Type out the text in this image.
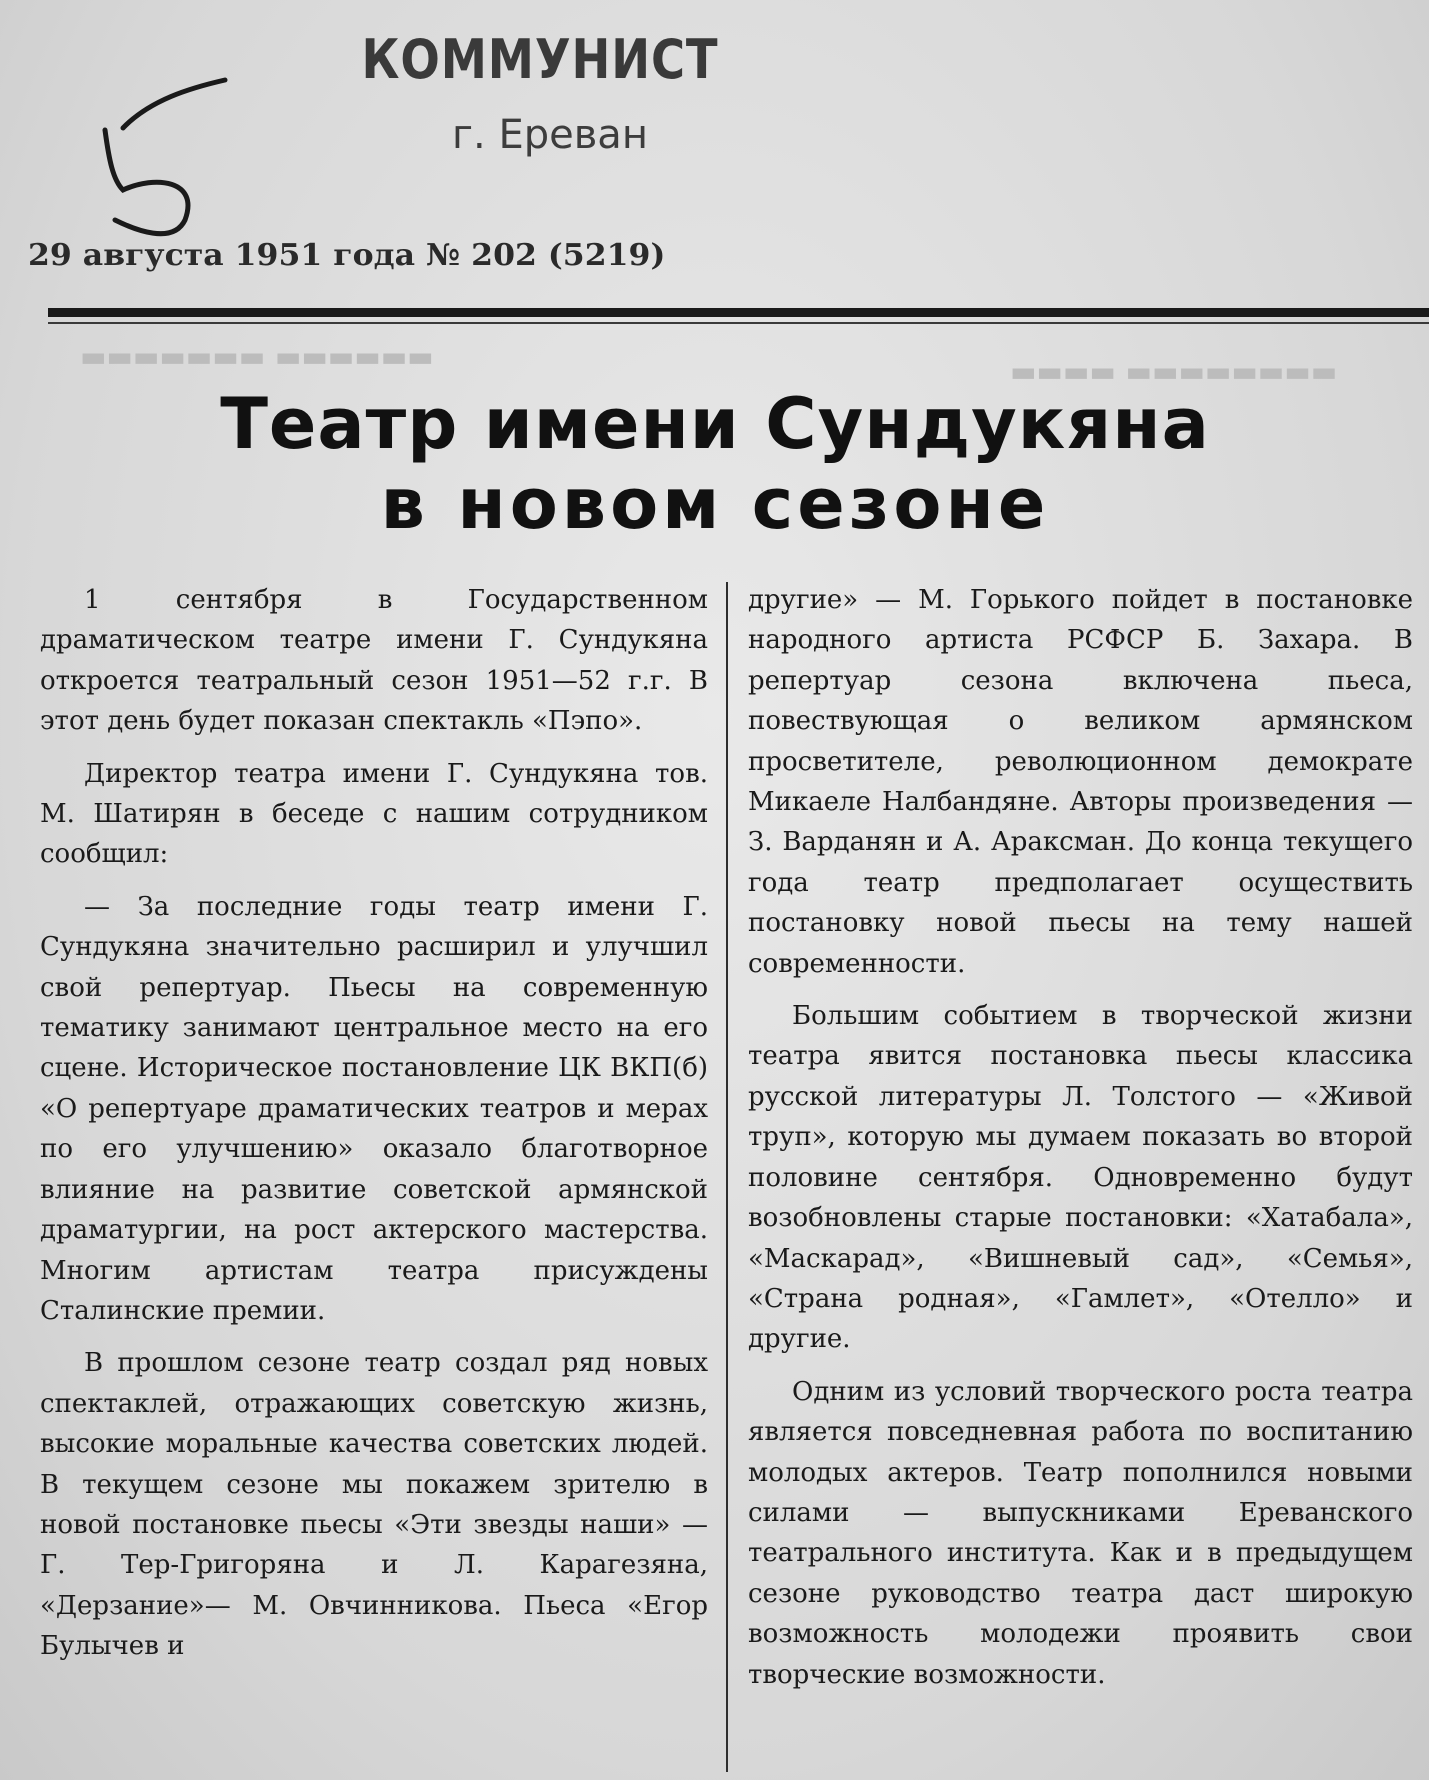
▬▬▬▬▬▬ ▬▬▬▬▬▬▬	▬▬▬▬▬▬▬▬ ▬▬▬▬
КОММУНИСТ
г. Ереван
29 августа 1951 года № 202 (5219)
Театр имени Сундукяна
в новом сезоне

1 сентября в Государственном драматическом театре имени Г. Сундукяна откроется театральный сезон 1951—52 г.г. В этот день будет показан спектакль «Пэпо».

Директор театра имени Г. Сундукяна тов. М. Шатирян в беседе с нашим сотрудником сообщил:

— За последние годы театр имени Г. Сундукяна значительно расширил и улучшил свой репертуар. Пьесы на современную тематику занимают центральное место на его сцене. Историческое постановление ЦК ВКП(б) «О репертуаре драматических театров и мерах по его улучшению» оказало благотворное влияние на развитие советской армянской драматургии, на рост актерского мастерства. Многим артистам театра присуждены Сталинские премии.

В прошлом сезоне театр создал ряд новых спектаклей, отражающих советскую жизнь, высокие моральные качества советских людей. В текущем сезоне мы покажем зрителю в новой постановке пьесы «Эти звезды наши» — Г. Тер-Григоряна и Л. Карагезяна, «Дерзание»— М. Овчинникова. Пьеса «Егор Булычев и

другие» — М. Горького пойдет в постановке народного артиста РСФСР Б. Захара. В репертуар сезона включена пьеса, повествующая о великом армянском просветителе, революционном демократе Микаеле Налбандяне. Авторы произведения — З. Варданян и А. Араксман. До конца текущего года театр предполагает осуществить постановку новой пьесы на тему нашей современности.

Большим событием в творческой жизни театра явится постановка пьесы классика русской литературы Л. Толстого — «Живой труп», которую мы думаем показать во второй половине сентября. Одновременно будут возобновлены старые постановки: «Хатабала», «Маскарад», «Вишневый сад», «Семья», «Страна родная», «Гамлет», «Отелло» и другие.

Одним из условий творческого роста театра является повседневная работа по воспитанию молодых актеров. Театр пополнился новыми силами — выпускниками Ереванского театрального института. Как и в предыдущем сезоне руководство театра даст широкую возможность молодежи проявить свои творческие возможности.
